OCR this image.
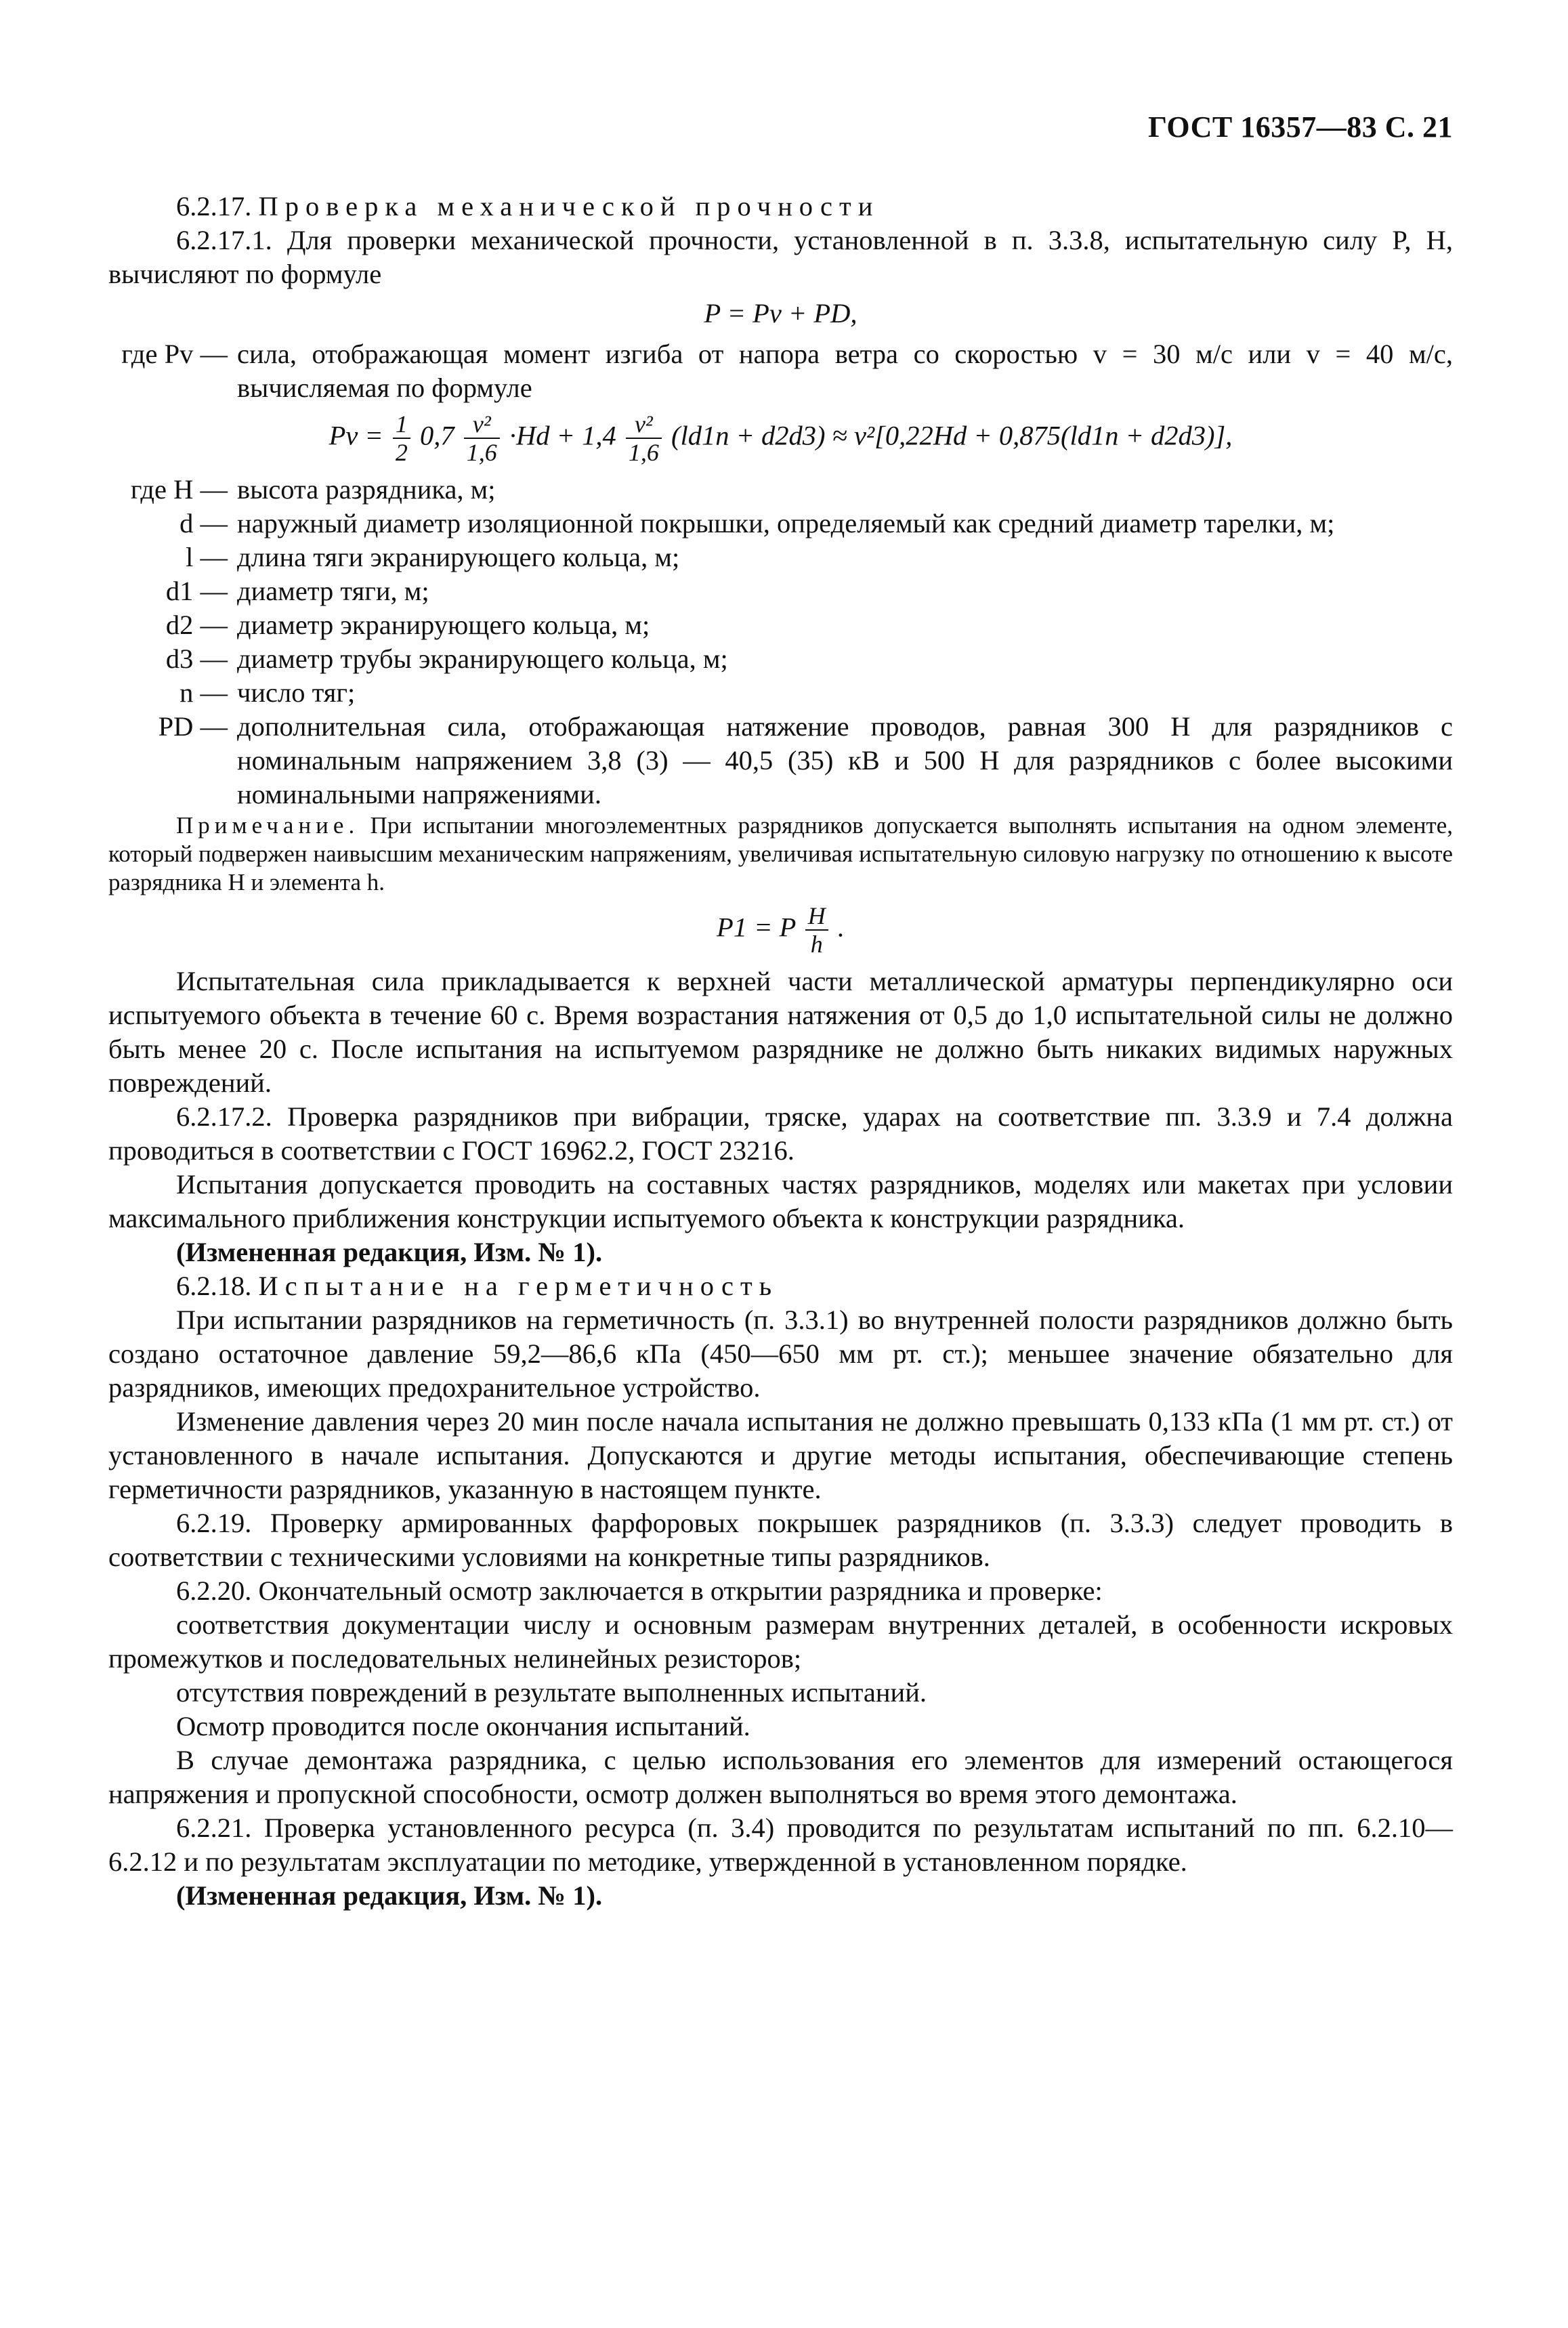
ГОСТ 16357—83 С. 21

6.2.17. Проверка механической прочности

6.2.17.1. Для проверки механической прочности, установленной в п. 3.3.8, испытательную силу P, Н, вычисляют по формуле

P = Pv + PD,
где Pv — сила, отображающая момент изгиба от напора ветра со скоростью v = 30 м/с или v = 40 м/с, вычисляемая по формуле
$Pv = \frac{1}{2} 0,7 \frac{\text{v²}}{1,6} \cdot Hd + 1,4 \frac{\text{v²}}{1,6} (ld1n + d2d3) \approx v^2[0,22Hd + 0,875(ld1n + d2d3)]$,
где H — высота разрядника, м;
d — наружный диаметр изоляционной покрышки, определяемый как средний диаметр тарелки, м;
l — длина тяги экранирующего кольца, м;
d1 — диаметр тяги, м;
d2 — диаметр экранирующего кольца, м;
d3 — диаметр трубы экранирующего кольца, м;
n — число тяг;
PD — дополнительная сила, отображающая натяжение проводов, равная 300 Н для разрядников с номинальным напряжением 3,8 (3) — 40,5 (35) кВ и 500 Н для разрядников с более высокими номинальными напряжениями.

Примечание. При испытании многоэлементных разрядников допускается выполнять испытания на одном элементе, который подвержен наивысшим механическим напряжениям, увеличивая испытательную силовую нагрузку по отношению к высоте разрядника H и элемента h.

P1 = P $\frac{H}{h}$ .

Испытательная сила прикладывается к верхней части металлической арматуры перпендикулярно оси испытуемого объекта в течение 60 с. Время возрастания натяжения от 0,5 до 1,0 испытательной силы не должно быть менее 20 с. После испытания на испытуемом разряднике не должно быть никаких видимых наружных повреждений.

6.2.17.2. Проверка разрядников при вибрации, тряске, ударах на соответствие пп. 3.3.9 и 7.4 должна проводиться в соответствии с ГОСТ 16962.2, ГОСТ 23216.

Испытания допускается проводить на составных частях разрядников, моделях или макетах при условии максимального приближения конструкции испытуемого объекта к конструкции разрядника.

(Измененная редакция, Изм. № 1).

6.2.18. Испытание на герметичность

При испытании разрядников на герметичность (п. 3.3.1) во внутренней полости разрядников должно быть создано остаточное давление 59,2—86,6 кПа (450—650 мм рт. ст.); меньшее значение обязательно для разрядников, имеющих предохранительное устройство.

Изменение давления через 20 мин после начала испытания не должно превышать 0,133 кПа (1 мм рт. ст.) от установленного в начале испытания. Допускаются и другие методы испытания, обеспечивающие степень герметичности разрядников, указанную в настоящем пункте.

6.2.19. Проверку армированных фарфоровых покрышек разрядников (п. 3.3.3) следует проводить в соответствии с техническими условиями на конкретные типы разрядников.

6.2.20. Окончательный осмотр заключается в открытии разрядника и проверке:

соответствия документации числу и основным размерам внутренних деталей, в особенности искровых промежутков и последовательных нелинейных резисторов;

отсутствия повреждений в результате выполненных испытаний.

Осмотр проводится после окончания испытаний.

В случае демонтажа разрядника, с целью использования его элементов для измерений остающегося напряжения и пропускной способности, осмотр должен выполняться во время этого демонтажа.

6.2.21. Проверка установленного ресурса (п. 3.4) проводится по результатам испытаний по пп. 6.2.10—6.2.12 и по результатам эксплуатации по методике, утвержденной в установленном порядке.

(Измененная редакция, Изм. № 1).
